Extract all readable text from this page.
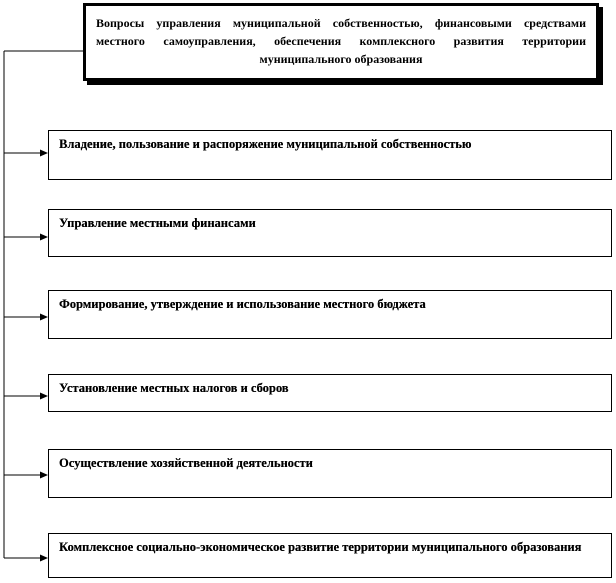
Вопросы управления муниципальной собственностью, финансовыми средствами местного самоуправления, обеспечения комплексного развития территории муниципального образования
Владение, пользование и распоряжение муниципальной собственностью
Управление местными финансами
Формирование, утверждение и использование местного бюджета
Установление местных налогов и сборов
Осуществление хозяйственной деятельности
Комплексное социально-экономическое развитие территории муниципального образования
